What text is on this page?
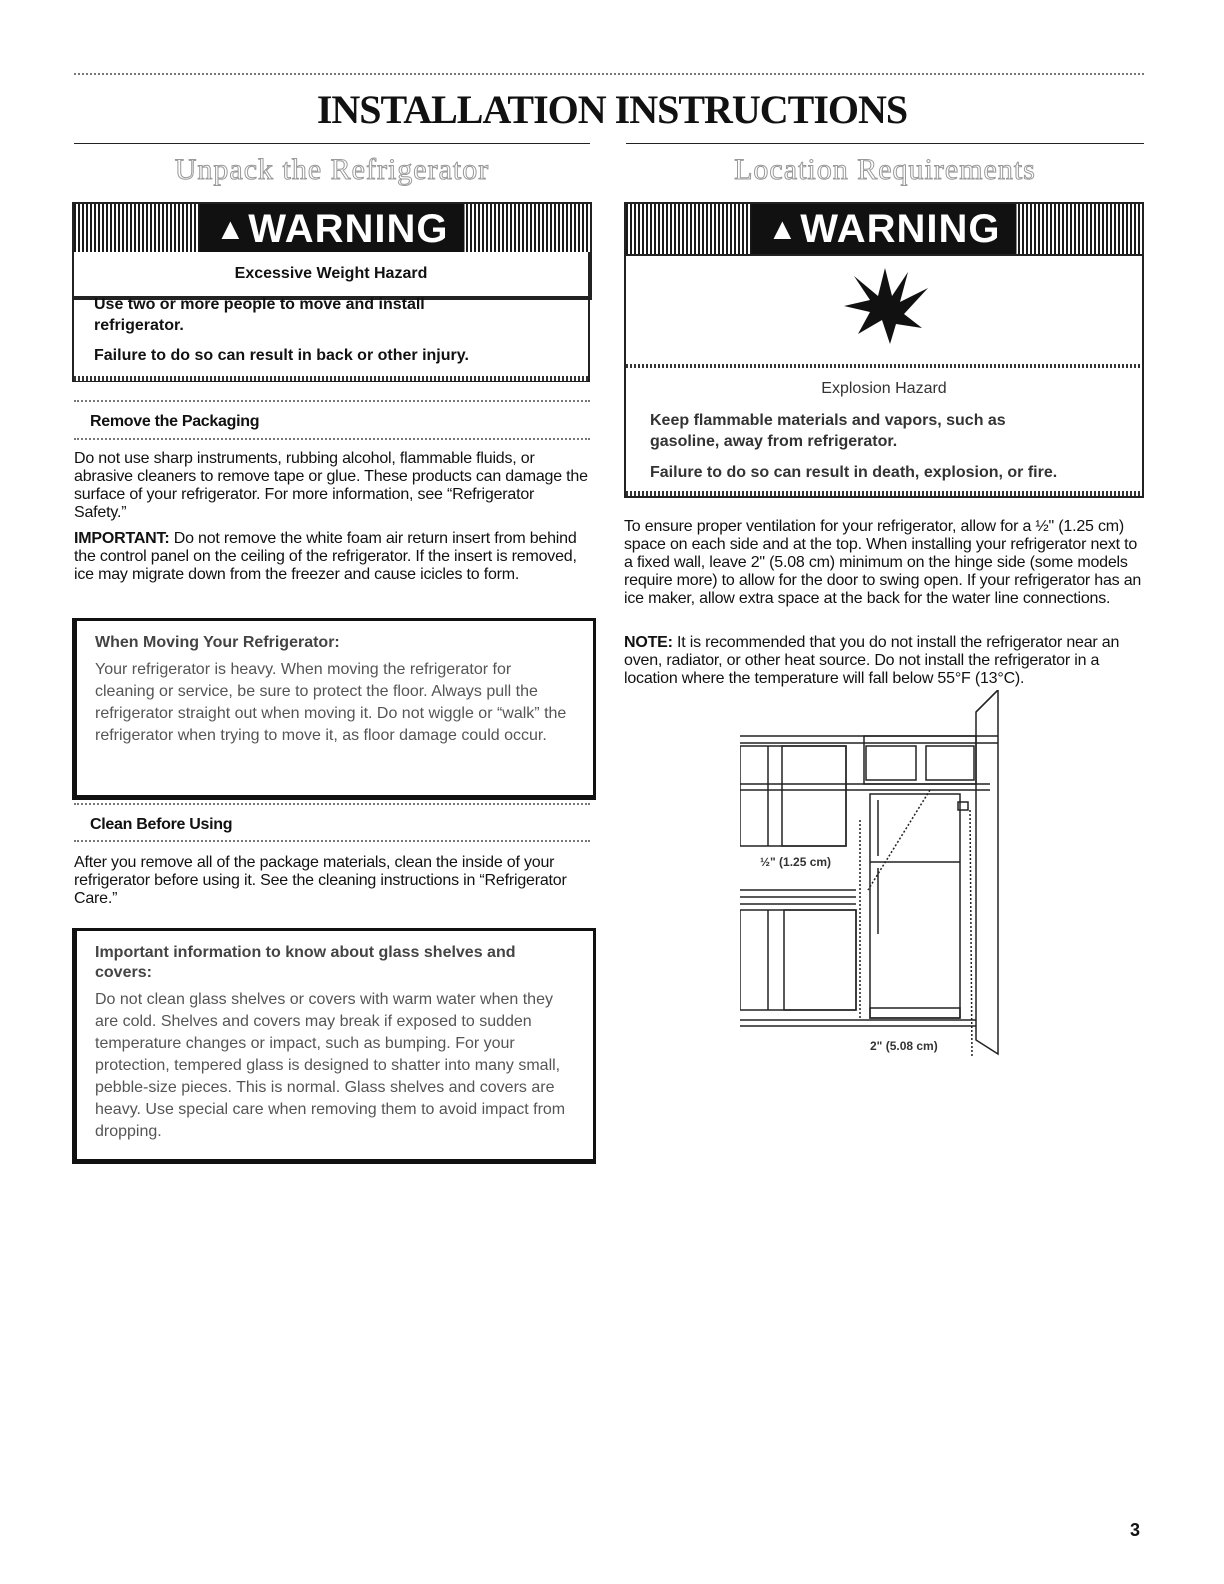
INSTALLATION INSTRUCTIONS
Unpack the Refrigerator
▲WARNING
Excessive Weight Hazard
Use two or more people to move and install refrigerator.
Failure to do so can result in back or other injury.
Remove the Packaging

Do not use sharp instruments, rubbing alcohol, flammable fluids, or abrasive cleaners to remove tape or glue. These products can damage the surface of your refrigerator. For more information, see “Refrigerator Safety.”

IMPORTANT: Do not remove the white foam air return insert from behind the control panel on the ceiling of the refrigerator. If the insert is removed, ice may migrate down from the freezer and cause icicles to form.

When Moving Your Refrigerator:

Your refrigerator is heavy. When moving the refrigerator for cleaning or service, be sure to protect the floor. Always pull the refrigerator straight out when moving it. Do not wiggle or “walk” the refrigerator when trying to move it, as floor damage could occur.

Clean Before Using

After you remove all of the package materials, clean the inside of your refrigerator before using it. See the cleaning instructions in “Refrigerator Care.”

Important information to know about glass shelves and covers:

Do not clean glass shelves or covers with warm water when they are cold. Shelves and covers may break if exposed to sudden temperature changes or impact, such as bumping. For your protection, tempered glass is designed to shatter into many small, pebble-size pieces. This is normal. Glass shelves and covers are heavy. Use special care when removing them to avoid impact from dropping.

Location Requirements
▲WARNING
Explosion Hazard
Keep flammable materials and vapors, such as gasoline, away from refrigerator.
Failure to do so can result in death, explosion, or fire.

To ensure proper ventilation for your refrigerator, allow for a ½" (1.25 cm) space on each side and at the top. When installing your refrigerator next to a fixed wall, leave 2" (5.08 cm) minimum on the hinge side (some models require more) to allow for the door to swing open. If your refrigerator has an ice maker, allow extra space at the back for the water line connections.

NOTE: It is recommended that you do not install the refrigerator near an oven, radiator, or other heat source. Do not install the refrigerator in a location where the temperature will fall below 55°F (13°C).

½" (1.25 cm)
2" (5.08 cm)
3
